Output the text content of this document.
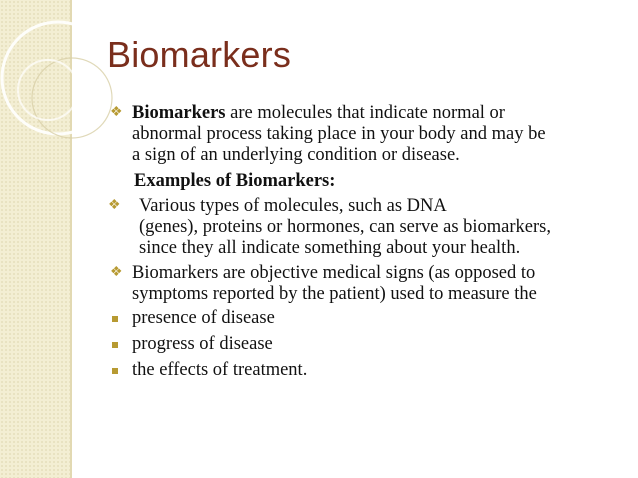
Biomarkers
❖ Biomarkers are molecules that indicate normal or
abnormal process taking place in your body and may be
a sign of an underlying condition or disease.
Examples of Biomarkers:
❖ Various types of molecules, such as DNA
(genes), proteins or hormones, can serve as biomarkers,
since they all indicate something about your health.
❖ Biomarkers are objective medical signs (as opposed to
symptoms reported by the patient) used to measure the
presence of disease
progress of disease
the effects of treatment.
